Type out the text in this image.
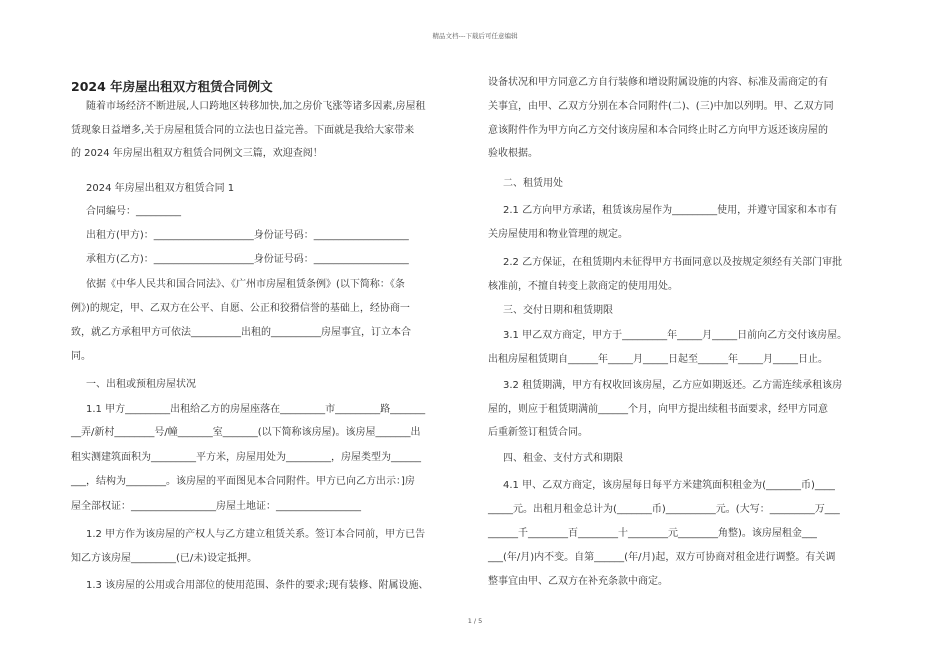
精品文档---下载后可任意编辑
2024 年房屋出租双方租赁合同例文
随着市场经济不断进展,人口跨地区转移加快,加之房价飞涨等诸多因素,房屋租
赁现象日益增多,关于房屋租赁合同的立法也日益完善。下面就是我给大家带来
的 2024 年房屋出租双方租赁合同例文三篇，欢迎查阅！
2024 年房屋出租双方租赁合同 1
合同编号：_________
出租方(甲方)：____________________身份证号码：___________________
承租方(乙方)：____________________身份证号码：___________________
依据《中华人民共和国合同法》、《广州市房屋租赁条例》(以下简称：《条
例》)的规定，甲、乙双方在公平、自愿、公正和狡猾信誉的基础上，经协商一
致，就乙方承租甲方可依法__________出租的__________房屋事宜，订立本合
同。
一、出租或预租房屋状况
1.1 甲方_________出租给乙方的房屋座落在_________市_________路_______
__弄/新村________号/幢_______室_______(以下简称该房屋)。该房屋_______出
租实测建筑面积为_________平方米，房屋用处为_________，房屋类型为______
___，结构为________。该房屋的平面图见本合同附件。甲方已向乙方出示：]房
屋全部权证：_________________房屋土地证：_________________
1.2 甲方作为该房屋的产权人与乙方建立租赁关系。签订本合同前，甲方已告
知乙方该房屋_________(已/未)设定抵押。
1.3 该房屋的公用或合用部位的使用范围、条件的要求;现有装修、附属设施、
设备状况和甲方同意乙方自行装修和增设附属设施的内容、标准及需商定的有
关事宜，由甲、乙双方分别在本合同附件(二)、(三)中加以列明。甲、乙双方同
意该附件作为甲方向乙方交付该房屋和本合同终止时乙方向甲方返还该房屋的
验收根据。
二、租赁用处
2.1 乙方向甲方承诺，租赁该房屋作为_________使用，并遵守国家和本市有
关房屋使用和物业管理的规定。
2.2 乙方保证，在租赁期内未征得甲方书面同意以及按规定须经有关部门审批
核准前，不擅自转变上款商定的使用用处。
三、交付日期和租赁期限
3.1 甲乙双方商定，甲方于_________年_____月_____日前向乙方交付该房屋。
出租房屋租赁期自______年_____月_____日起至______年_____月_____日止。
3.2 租赁期满，甲方有权收回该房屋，乙方应如期返还。乙方需连续承租该房
屋的，则应于租赁期满前______个月，向甲方提出续租书面要求，经甲方同意
后重新签订租赁合同。
四、租金、支付方式和期限
4.1 甲、乙双方商定，该房屋每日每平方米建筑面积租金为(_______币)____
_____元。出租月租金总计为(_______币)__________元。(大写：_________万___
______千________百________十________元________角整)。该房屋租金___
___(年/月)内不变。自第______(年/月)起，双方可协商对租金进行调整。有关调
整事宜由甲、乙双方在补充条款中商定。
1 / 5
